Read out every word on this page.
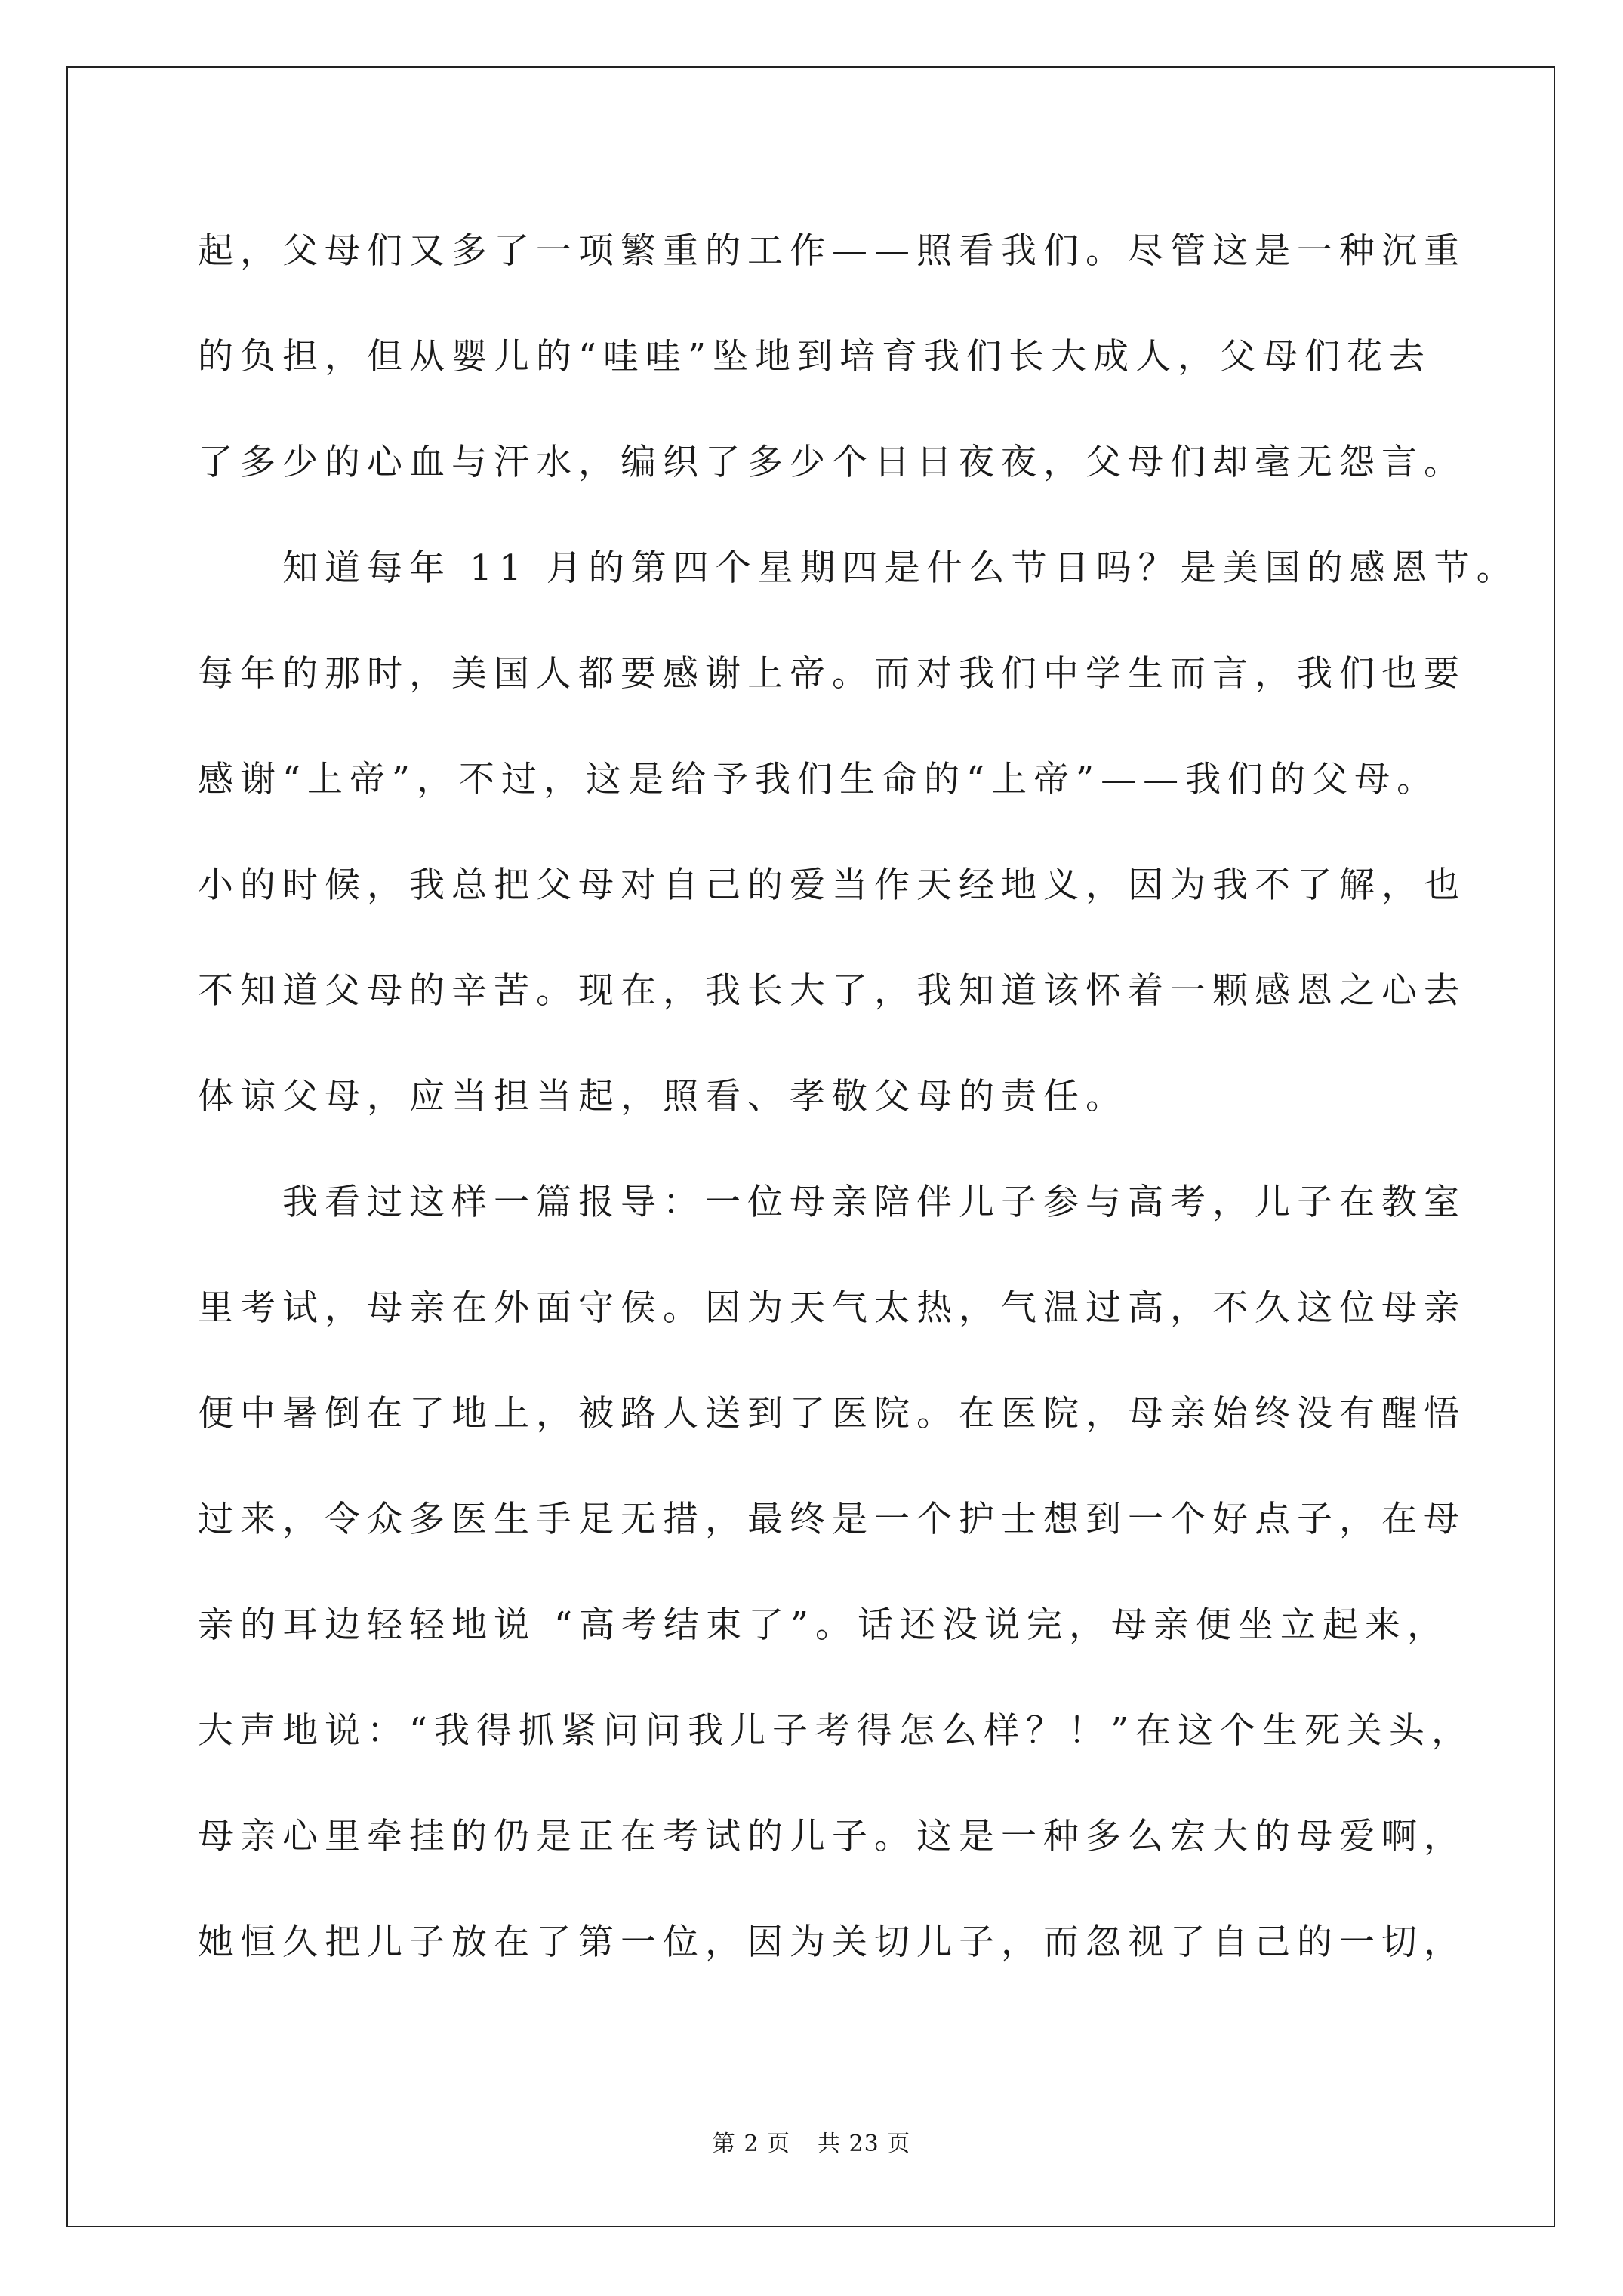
起，父母们又多了一项繁重的工作——照看我们。尽管这是一种沉重
的负担，但从婴儿的“哇哇”坠地到培育我们长大成人，父母们花去
了多少的心血与汗水，编织了多少个日日夜夜，父母们却毫无怨言。
　　知道每年 11 月的第四个星期四是什么节日吗？是美国的感恩节。
每年的那时，美国人都要感谢上帝。而对我们中学生而言，我们也要
感谢“上帝”，不过，这是给予我们生命的“上帝”——我们的父母。
小的时候，我总把父母对自己的爱当作天经地义，因为我不了解，也
不知道父母的辛苦。现在，我长大了，我知道该怀着一颗感恩之心去
体谅父母，应当担当起，照看、孝敬父母的责任。
　　我看过这样一篇报导：一位母亲陪伴儿子参与高考，儿子在教室
里考试，母亲在外面守侯。因为天气太热，气温过高，不久这位母亲
便中暑倒在了地上，被路人送到了医院。在医院，母亲始终没有醒悟
过来，令众多医生手足无措，最终是一个护士想到一个好点子，在母
亲的耳边轻轻地说 “高考结束了”。话还没说完，母亲便坐立起来，
大声地说：“我得抓紧问问我儿子考得怎么样？！”在这个生死关头，
母亲心里牵挂的仍是正在考试的儿子。这是一种多么宏大的母爱啊，
她恒久把儿子放在了第一位，因为关切儿子，而忽视了自己的一切，
第 2 页 共 23 页
